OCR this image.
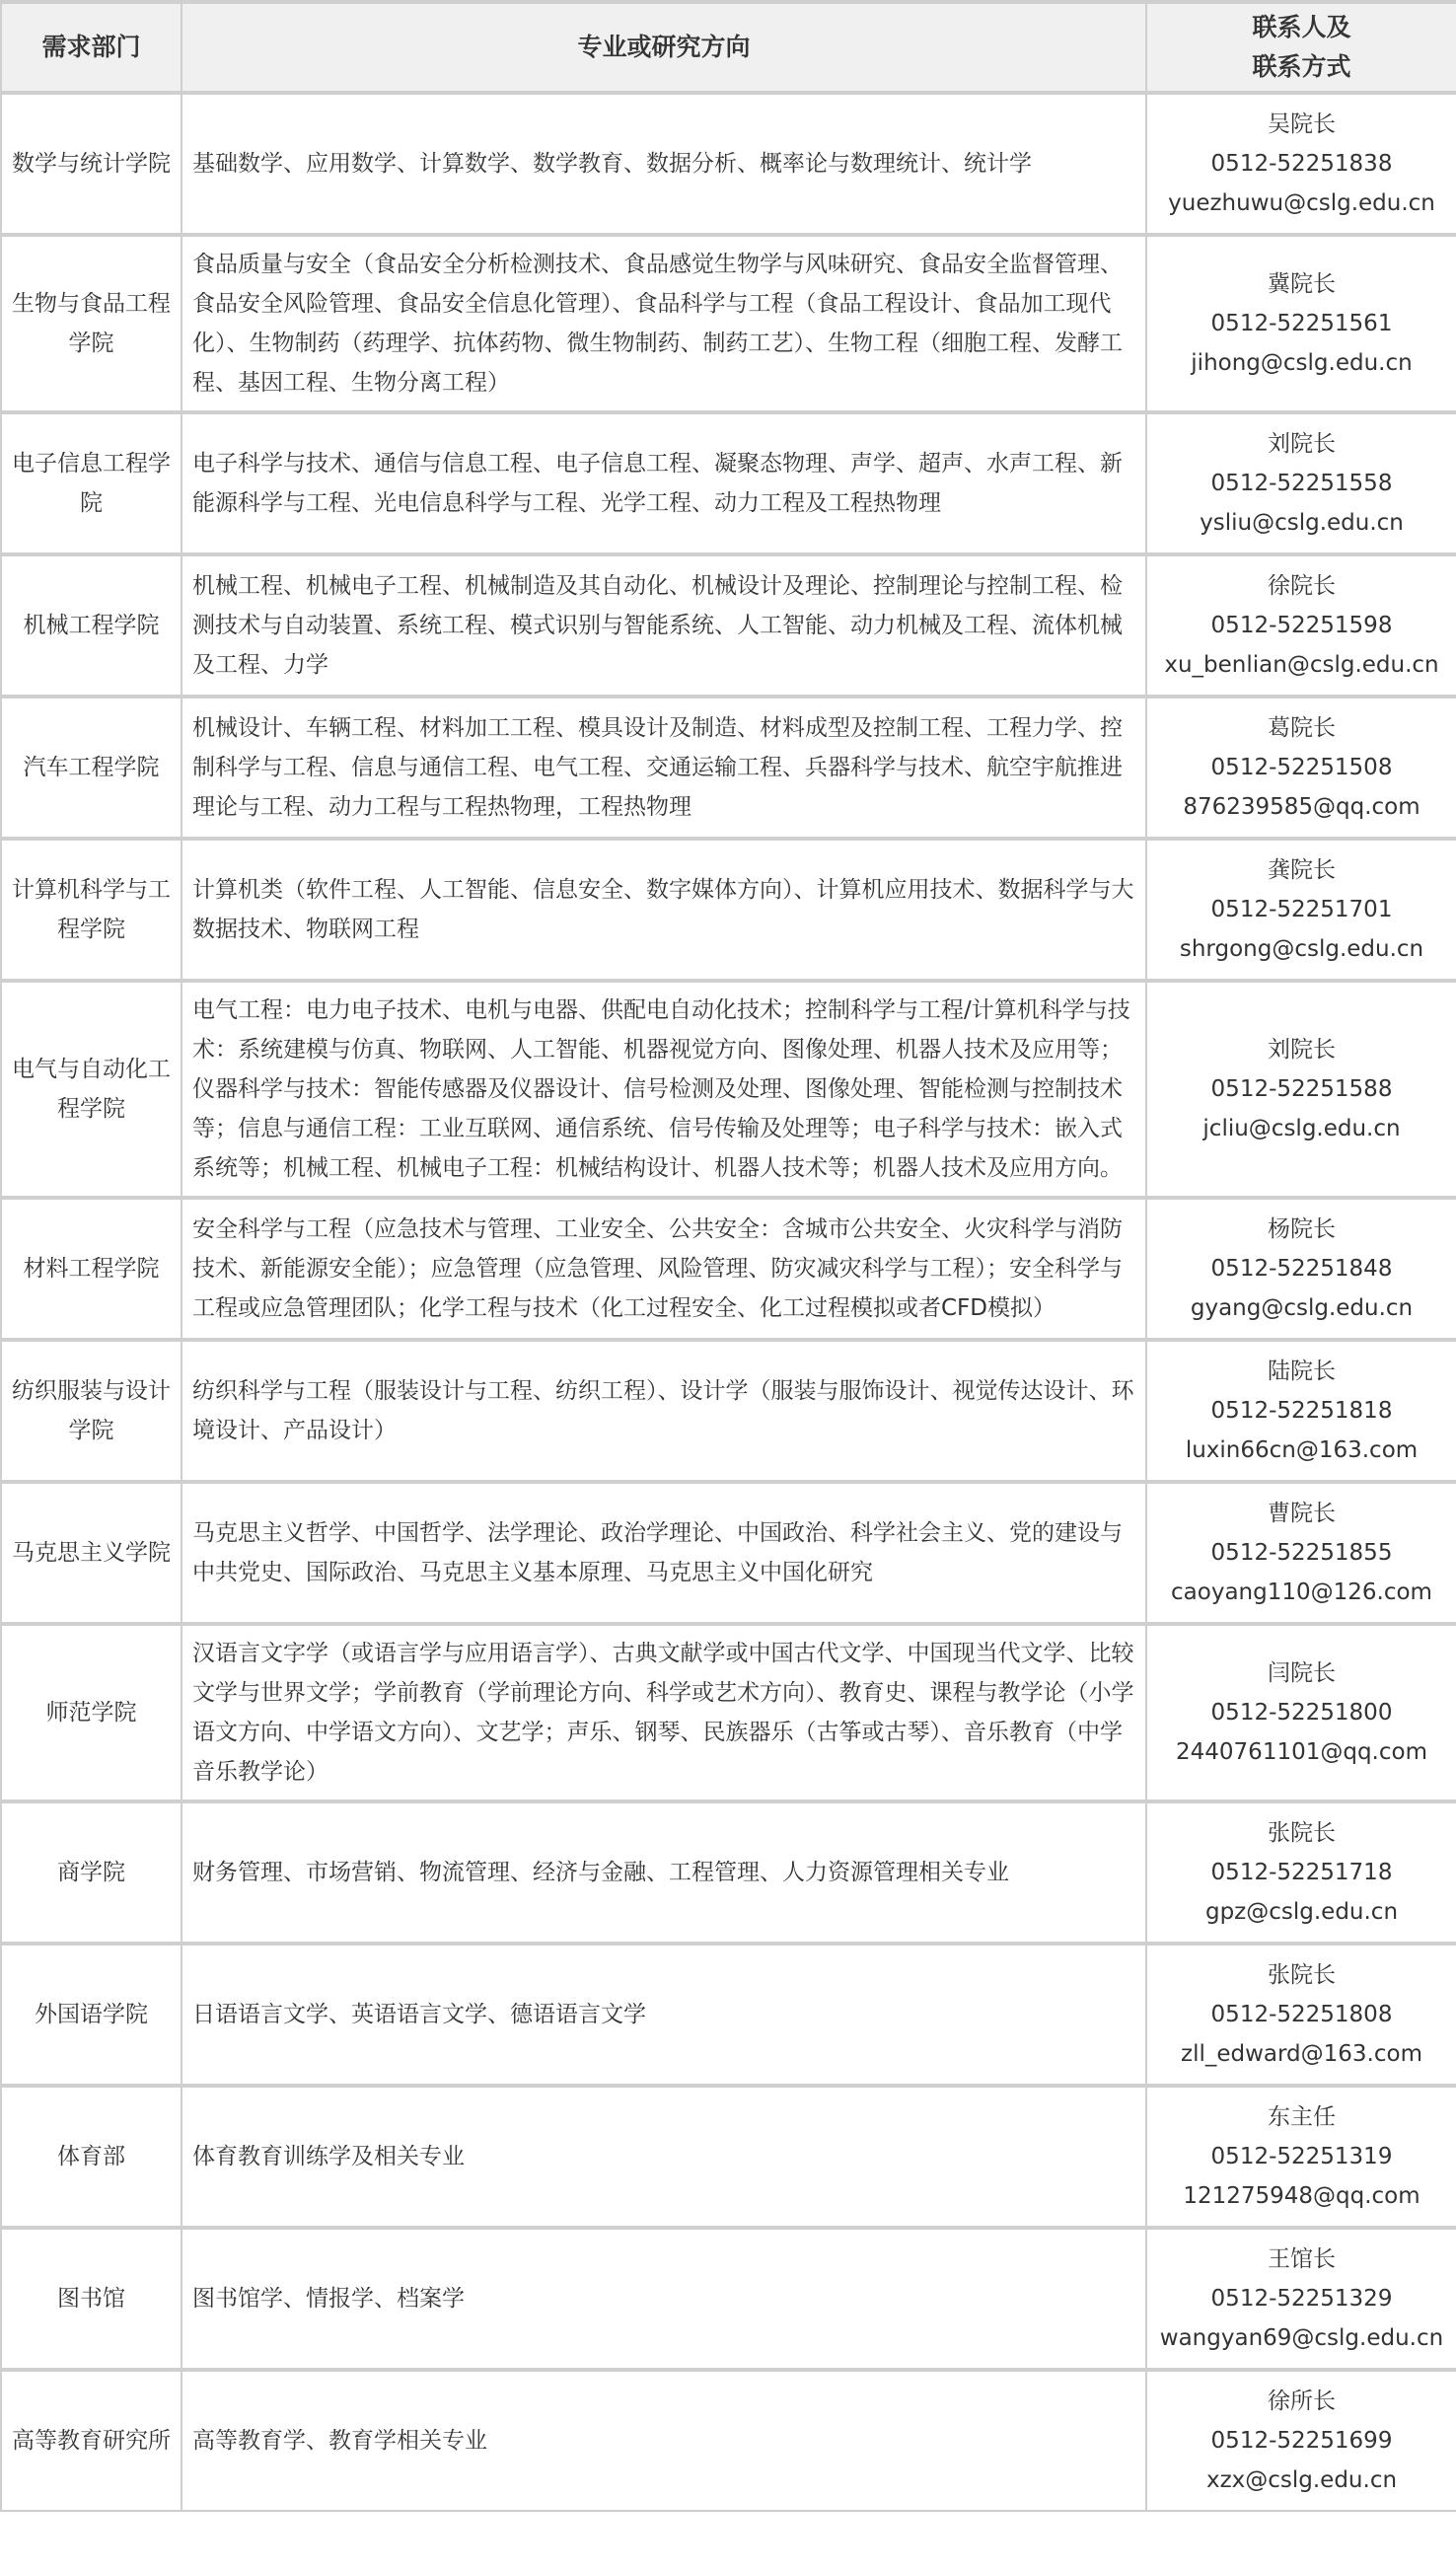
需求部门	专业或研究方向	
联系人及
联系方式

数学与统计学院	基础数学、应用数学、计算数学、数学教育、数据分析、概率论与数理统计、统计学	
吴院长
0512-52251838
yuezhuwu@cslg.edu.cn

生物与食品工程学院	食品质量与安全（食品安全分析检测技术、食品感觉生物学与风味研究、食品安全监督管理、食品安全风险管理、食品安全信息化管理）、食品科学与工程（食品工程设计、食品加工现代化）、生物制药（药理学、抗体药物、微生物制药、制药工艺）、生物工程（细胞工程、发酵工程、基因工程、生物分离工程）	
冀院长
0512-52251561
jihong@cslg.edu.cn

电子信息工程学院	电子科学与技术、通信与信息工程、电子信息工程、凝聚态物理、声学、超声、水声工程、新能源科学与工程、光电信息科学与工程、光学工程、动力工程及工程热物理	
刘院长
0512-52251558
ysliu@cslg.edu.cn

机械工程学院	机械工程、机械电子工程、机械制造及其自动化、机械设计及理论、控制理论与控制工程、检测技术与自动装置、系统工程、模式识别与智能系统、人工智能、动力机械及工程、流体机械及工程、力学	
徐院长
0512-52251598
xu_benlian@cslg.edu.cn

汽车工程学院	机械设计、车辆工程、材料加工工程、模具设计及制造、材料成型及控制工程、工程力学、控制科学与工程、信息与通信工程、电气工程、交通运输工程、兵器科学与技术、航空宇航推进理论与工程、动力工程与工程热物理，工程热物理	
葛院长
0512-52251508
876239585@qq.com

计算机科学与工程学院	计算机类（软件工程、人工智能、信息安全、数字媒体方向）、计算机应用技术、数据科学与大数据技术、物联网工程	
龚院长
0512-52251701
shrgong@cslg.edu.cn

电气与自动化工程学院	电气工程：电力电子技术、电机与电器、供配电自动化技术；控制科学与工程/计算机科学与技术：系统建模与仿真、物联网、人工智能、机器视觉方向、图像处理、机器人技术及应用等；仪器科学与技术：智能传感器及仪器设计、信号检测及处理、图像处理、智能检测与控制技术等；信息与通信工程：工业互联网、通信系统、信号传输及处理等；电子科学与技术：嵌入式系统等；机械工程、机械电子工程：机械结构设计、机器人技术等；机器人技术及应用方向。	
刘院长
0512-52251588
jcliu@cslg.edu.cn

材料工程学院	安全科学与工程（应急技术与管理、工业安全、公共安全：含城市公共安全、火灾科学与消防技术、新能源安全能）；应急管理（应急管理、风险管理、防灾减灾科学与工程）；安全科学与工程或应急管理团队；化学工程与技术（化工过程安全、化工过程模拟或者CFD模拟）	
杨院长
0512-52251848
gyang@cslg.edu.cn

纺织服装与设计学院	纺织科学与工程（服装设计与工程、纺织工程）、设计学（服装与服饰设计、视觉传达设计、环境设计、产品设计）	
陆院长
0512-52251818
luxin66cn@163.com

马克思主义学院	马克思主义哲学、中国哲学、法学理论、政治学理论、中国政治、科学社会主义、党的建设与中共党史、国际政治、马克思主义基本原理、马克思主义中国化研究	
曹院长
0512-52251855
caoyang110@126.com

师范学院	汉语言文字学（或语言学与应用语言学）、古典文献学或中国古代文学、中国现当代文学、比较文学与世界文学；学前教育（学前理论方向、科学或艺术方向）、教育史、课程与教学论（小学语文方向、中学语文方向）、文艺学；声乐、钢琴、民族器乐（古筝或古琴）、音乐教育（中学音乐教学论）	
闫院长
0512-52251800
2440761101@qq.com

商学院	财务管理、市场营销、物流管理、经济与金融、工程管理、人力资源管理相关专业	
张院长
0512-52251718
gpz@cslg.edu.cn

外国语学院	日语语言文学、英语语言文学、德语语言文学	
张院长
0512-52251808
zll_edward@163.com

体育部	体育教育训练学及相关专业	
东主任
0512-52251319
121275948@qq.com

图书馆	图书馆学、情报学、档案学	
王馆长
0512-52251329
wangyan69@cslg.edu.cn

高等教育研究所	高等教育学、教育学相关专业	
徐所长
0512-52251699
xzx@cslg.edu.cn
